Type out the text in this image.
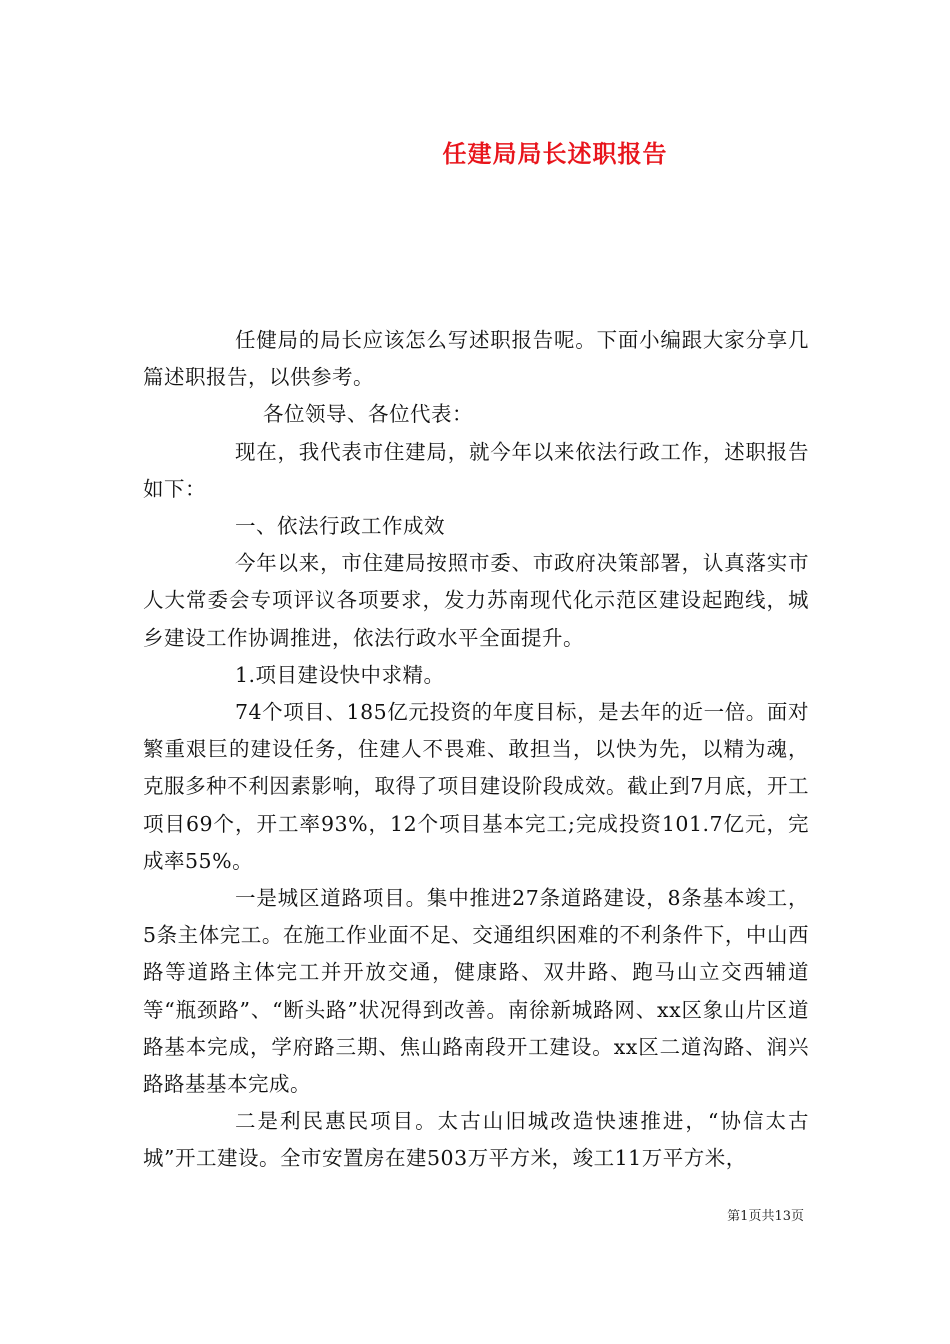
任建局局长述职报告

任健局的局长应该怎么写述职报告呢。下面小编跟大家分享几篇述职报告，以供参考。

各位领导、各位代表：

现在，我代表市住建局，就今年以来依法行政工作，述职报告如下：

一、依法行政工作成效

今年以来，市住建局按照市委、市政府决策部署，认真落实市人大常委会专项评议各项要求，发力苏南现代化示范区建设起跑线，城乡建设工作协调推进，依法行政水平全面提升。

1.项目建设快中求精。

74个项目、185亿元投资的年度目标，是去年的近一倍。面对繁重艰巨的建设任务，住建人不畏难、敢担当，以快为先，以精为魂，克服多种不利因素影响，取得了项目建设阶段成效。截止到7月底，开工项目69个，开工率93%，12个项目基本完工;完成投资101.7亿元，完成率55%。

一是城区道路项目。集中推进27条道路建设，8条基本竣工，5条主体完工。在施工作业面不足、交通组织困难的不利条件下，中山西路等道路主体完工并开放交通，健康路、双井路、跑马山立交西辅道等“瓶颈路”、“断头路”状况得到改善。南徐新城路网、xx区象山片区道路基本完成，学府路三期、焦山路南段开工建设。xx区二道沟路、润兴路路基基本完成。

二是利民惠民项目。太古山旧城改造快速推进，“协信太古城”开工建设。全市安置房在建503万平方米，竣工11万平方米，

第1页共13页
